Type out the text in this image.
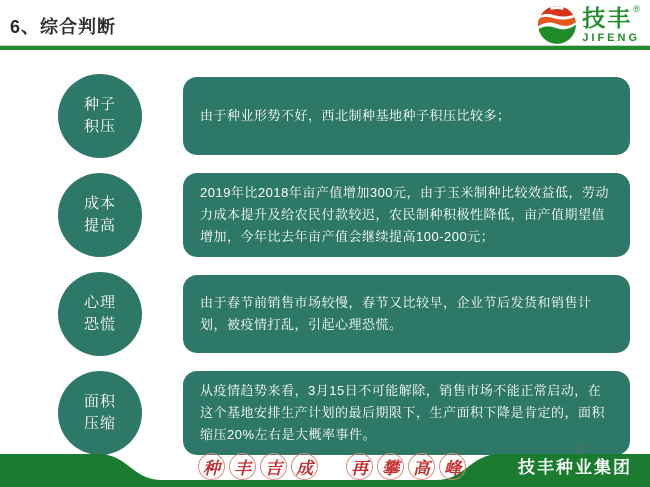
6、综合判断	技丰 ®
JIFENG
种子
积压

由于种业形势不好，西北制种基地种子积压比较多；

成本
提高

2019年比2018年亩产值增加300元，由于玉米制种比较效益低，劳动力成本提升及给农民付款较迟，农民制种积极性降低，亩产值期望值增加，今年比去年亩产值会继续提高100-200元；

心理
恐慌

由于春节前销售市场较慢，春节又比较早，企业节后发货和销售计划，被疫情打乱，引起心理恐慌。

面积
压缩

从疫情趋势来看，3月15日不可能解除，销售市场不能正常启动，在这个基地安排生产计划的最后期限下，生产面积下降是肯定的，面积缩压20%左右是大概率事件。

种 丰 吉 成 再 攀 高 峰
58
技丰种业集团
